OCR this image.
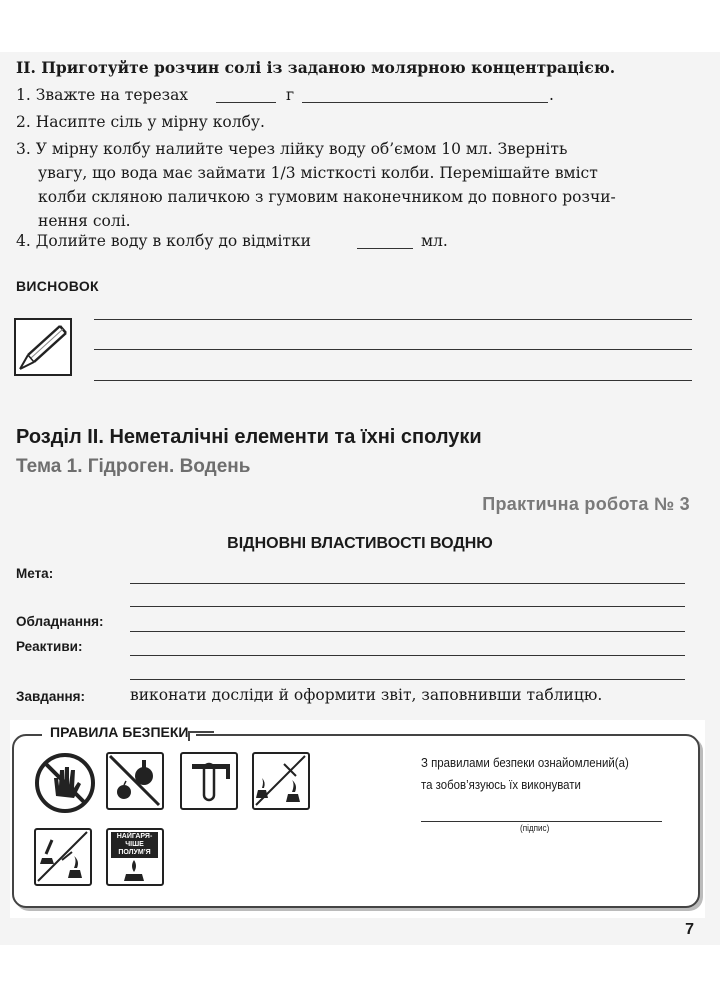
ІІ. Приготуйте розчин солі із заданою молярною концентрацією.
1. Зважте на терезах	г	.
2. Насипте сіль у мірну колбу.
3. У мірну колбу налийте через лійку воду об’ємом 10 мл. Зверніть
увагу, що вода має займати 1/3 місткості колби. Перемішайте вміст
колби скляною паличкою з гумовим наконечником до повного розчи-
нення солі.
4. Долийте воду в колбу до відмітки	мл.
ВИСНОВОК
Розділ ІІ. Неметалічні елементи та їхні сполуки
Тема 1. Гідроген. Водень
Практична робота № 3
ВІДНОВНІ ВЛАСТИВОСТІ ВОДНЮ
Мета:
Обладнання:
Реактиви:
Завдання:	виконати досліди й оформити звіт, заповнивши таблицю.
ПРАВИЛА БЕЗПЕКИ
НАЙГАРЯ-
ЧІШЕ
ПОЛУМ’Я
З правилами безпеки ознайомлений(а)
та зобов’язуюсь їх виконувати
(підпис)
7
